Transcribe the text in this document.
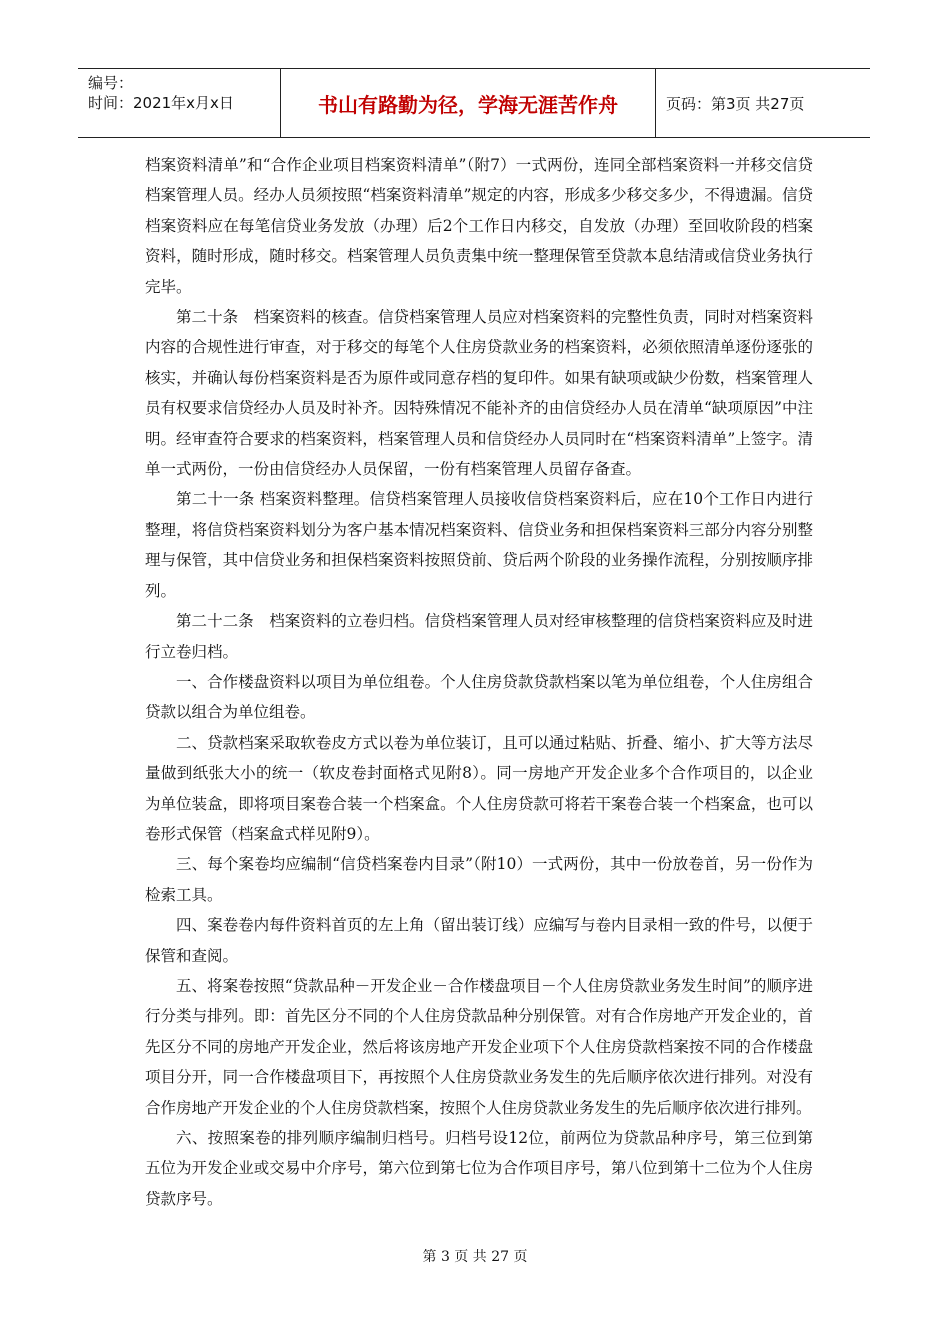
编号：
时间：2021年x月x日	书山有路勤为径，学海无涯苦作舟	页码：第3页 共27页

档案资料清单”和“合作企业项目档案资料清单”（附7）一式两份，连同全部档案资料一并移交信贷档案管理人员。经办人员须按照“档案资料清单”规定的内容，形成多少移交多少，不得遗漏。信贷档案资料应在每笔信贷业务发放（办理）后2个工作日内移交，自发放（办理）至回收阶段的档案资料，随时形成，随时移交。档案管理人员负责集中统一整理保管至贷款本息结清或信贷业务执行完毕。

第二十条　档案资料的核查。信贷档案管理人员应对档案资料的完整性负责，同时对档案资料内容的合规性进行审查，对于移交的每笔个人住房贷款业务的档案资料，必须依照清单逐份逐张的核实，并确认每份档案资料是否为原件或同意存档的复印件。如果有缺项或缺少份数，档案管理人员有权要求信贷经办人员及时补齐。因特殊情况不能补齐的由信贷经办人员在清单“缺项原因”中注明。经审查符合要求的档案资料，档案管理人员和信贷经办人员同时在“档案资料清单”上签字。清单一式两份，一份由信贷经办人员保留，一份有档案管理人员留存备查。

第二十一条 档案资料整理。信贷档案管理人员接收信贷档案资料后，应在10个工作日内进行整理，将信贷档案资料划分为客户基本情况档案资料、信贷业务和担保档案资料三部分内容分别整理与保管，其中信贷业务和担保档案资料按照贷前、贷后两个阶段的业务操作流程，分别按顺序排列。

第二十二条　档案资料的立卷归档。信贷档案管理人员对经审核整理的信贷档案资料应及时进行立卷归档。

一、合作楼盘资料以项目为单位组卷。个人住房贷款贷款档案以笔为单位组卷，个人住房组合贷款以组合为单位组卷。

二、贷款档案采取软卷皮方式以卷为单位装订，且可以通过粘贴、折叠、缩小、扩大等方法尽量做到纸张大小的统一（软皮卷封面格式见附8）。同一房地产开发企业多个合作项目的，以企业为单位装盒，即将项目案卷合装一个档案盒。个人住房贷款可将若干案卷合装一个档案盒，也可以卷形式保管（档案盒式样见附9）。

三、每个案卷均应编制“信贷档案卷内目录”（附10）一式两份，其中一份放卷首，另一份作为检索工具。

四、案卷卷内每件资料首页的左上角（留出装订线）应编写与卷内目录相一致的件号，以便于保管和查阅。

五、将案卷按照“贷款品种－开发企业－合作楼盘项目－个人住房贷款业务发生时间”的顺序进行分类与排列。即：首先区分不同的个人住房贷款品种分别保管。对有合作房地产开发企业的，首先区分不同的房地产开发企业，然后将该房地产开发企业项下个人住房贷款档案按不同的合作楼盘项目分开，同一合作楼盘项目下，再按照个人住房贷款业务发生的先后顺序依次进行排列。对没有合作房地产开发企业的个人住房贷款档案，按照个人住房贷款业务发生的先后顺序依次进行排列。

六、按照案卷的排列顺序编制归档号。归档号设12位，前两位为贷款品种序号，第三位到第五位为开发企业或交易中介序号，第六位到第七位为合作项目序号，第八位到第十二位为个人住房贷款序号。

第 3 页 共 27 页
